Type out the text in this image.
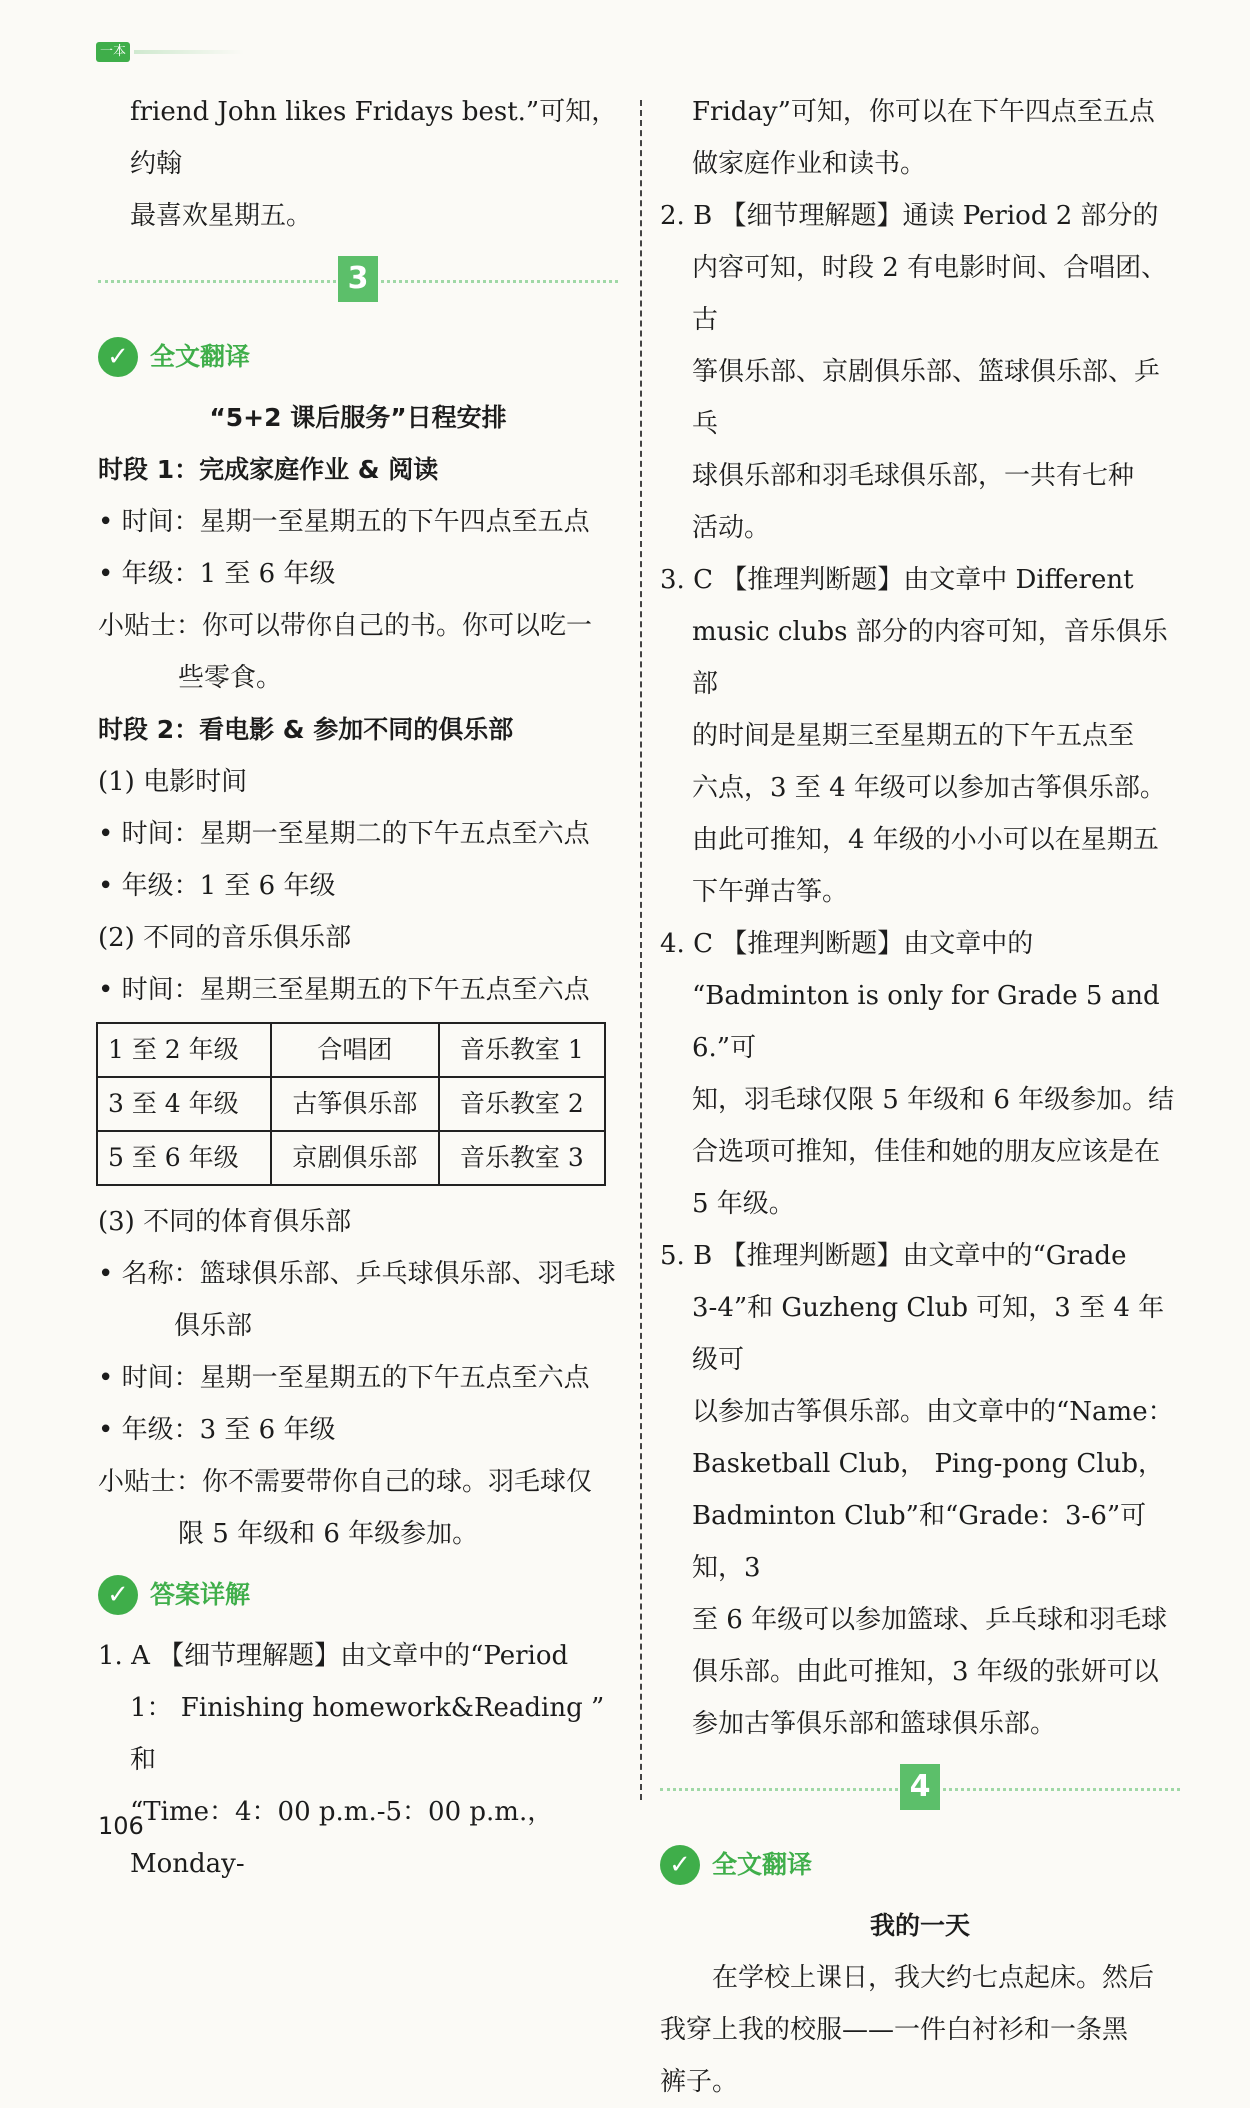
一本

friend John likes Fridays best.”可知，约翰

最喜欢星期五。

3
✓ 全文翻译

“5+2 课后服务”日程安排

时段 1：完成家庭作业 & 阅读

• 时间：星期一至星期五的下午四点至五点

• 年级：1 至 6 年级

小贴士：你可以带你自己的书。你可以吃一

些零食。

时段 2：看电影 & 参加不同的俱乐部

(1) 电影时间

• 时间：星期一至星期二的下午五点至六点

• 年级：1 至 6 年级

(2) 不同的音乐俱乐部

• 时间：星期三至星期五的下午五点至六点

1 至 2 年级	合唱团	音乐教室 1
3 至 4 年级	古筝俱乐部	音乐教室 2
5 至 6 年级	京剧俱乐部	音乐教室 3

(3) 不同的体育俱乐部

• 名称：篮球俱乐部、乒乓球俱乐部、羽毛球

俱乐部

• 时间：星期一至星期五的下午五点至六点

• 年级：3 至 6 年级

小贴士：你不需要带你自己的球。羽毛球仅

限 5 年级和 6 年级参加。

✓ 答案详解

1. A 【细节理解题】由文章中的“Period

1： Finishing homework&Reading ” 和

“Time：4：00 p.m.-5：00 p.m.，Monday-

Friday”可知，你可以在下午四点至五点

做家庭作业和读书。

2. B 【细节理解题】通读 Period 2 部分的

内容可知，时段 2 有电影时间、合唱团、古

筝俱乐部、京剧俱乐部、篮球俱乐部、乒乓

球俱乐部和羽毛球俱乐部，一共有七种

活动。

3. C 【推理判断题】由文章中 Different

music clubs 部分的内容可知，音乐俱乐部

的时间是星期三至星期五的下午五点至

六点，3 至 4 年级可以参加古筝俱乐部。

由此可推知，4 年级的小小可以在星期五

下午弹古筝。

4. C 【推理判断题】由文章中的

“Badminton is only for Grade 5 and 6.”可

知，羽毛球仅限 5 年级和 6 年级参加。结

合选项可推知，佳佳和她的朋友应该是在

5 年级。

5. B 【推理判断题】由文章中的“Grade

3-4”和 Guzheng Club 可知，3 至 4 年级可

以参加古筝俱乐部。由文章中的“Name：

Basketball Club， Ping-pong Club，

Badminton Club”和“Grade：3-6”可知，3

至 6 年级可以参加篮球、乒乓球和羽毛球

俱乐部。由此可推知，3 年级的张妍可以

参加古筝俱乐部和篮球俱乐部。

4
✓ 全文翻译

我的一天

在学校上课日，我大约七点起床。然后

我穿上我的校服——一件白衬衫和一条黑

裤子。

106
